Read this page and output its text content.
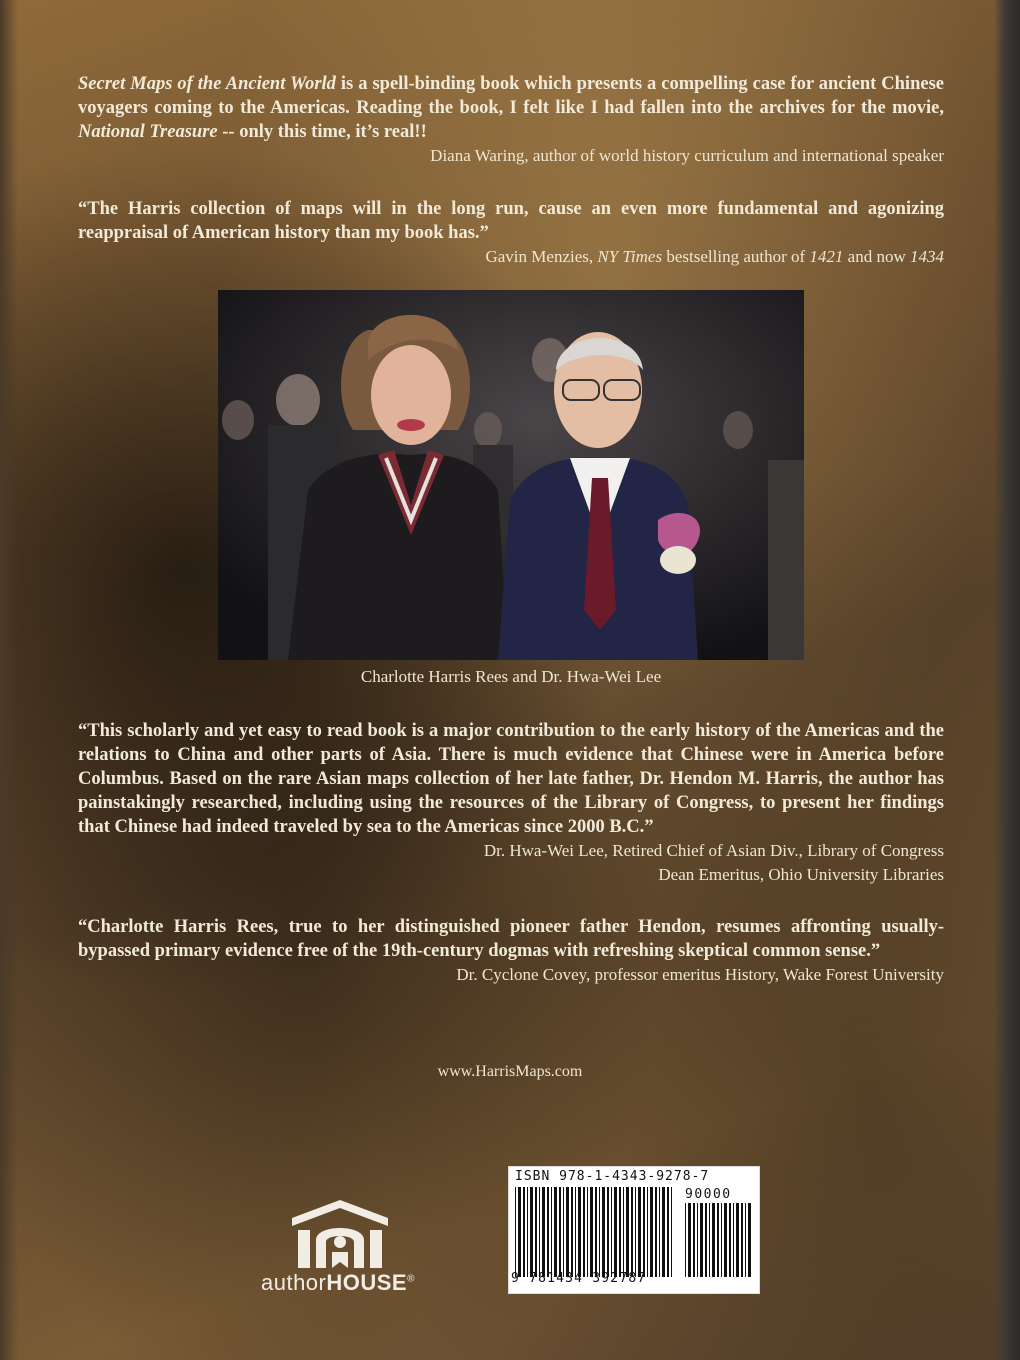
Secret Maps of the Ancient World is a spell-binding book which presents a compelling case for ancient Chinese voyagers coming to the Americas. Reading the book, I felt like I had fallen into the archives for the movie, National Treasure -- only this time, it’s real!!
Diana Waring, author of world history curriculum and international speaker
“The Harris collection of maps will in the long run, cause an even more fundamental and agonizing reappraisal of American history than my book has.”
Gavin Menzies, NY Times bestselling author of 1421 and now 1434
Charlotte Harris Rees and Dr. Hwa-Wei Lee
“This scholarly and yet easy to read book is a major contribution to the early history of the Americas and the relations to China and other parts of Asia. There is much evidence that Chinese were in America before Columbus. Based on the rare Asian maps collection of her late father, Dr. Hendon M. Harris, the author has painstakingly researched, including using the resources of the Library of Congress, to present her findings that Chinese had indeed traveled by sea to the Americas since 2000 B.C.”
Dr. Hwa-Wei Lee, Retired Chief of Asian Div., Library of Congress
Dean Emeritus, Ohio University Libraries
“Charlotte Harris Rees, true to her distinguished pioneer father Hendon, resumes affronting usually-bypassed primary evidence free of the 19th-century dogmas with refreshing skeptical common sense.”
Dr. Cyclone Covey, professor emeritus History, Wake Forest University
www.HarrisMaps.com
authorHOUSE®
ISBN 978-1-4343-9278-7
90000
9 781434 392787
